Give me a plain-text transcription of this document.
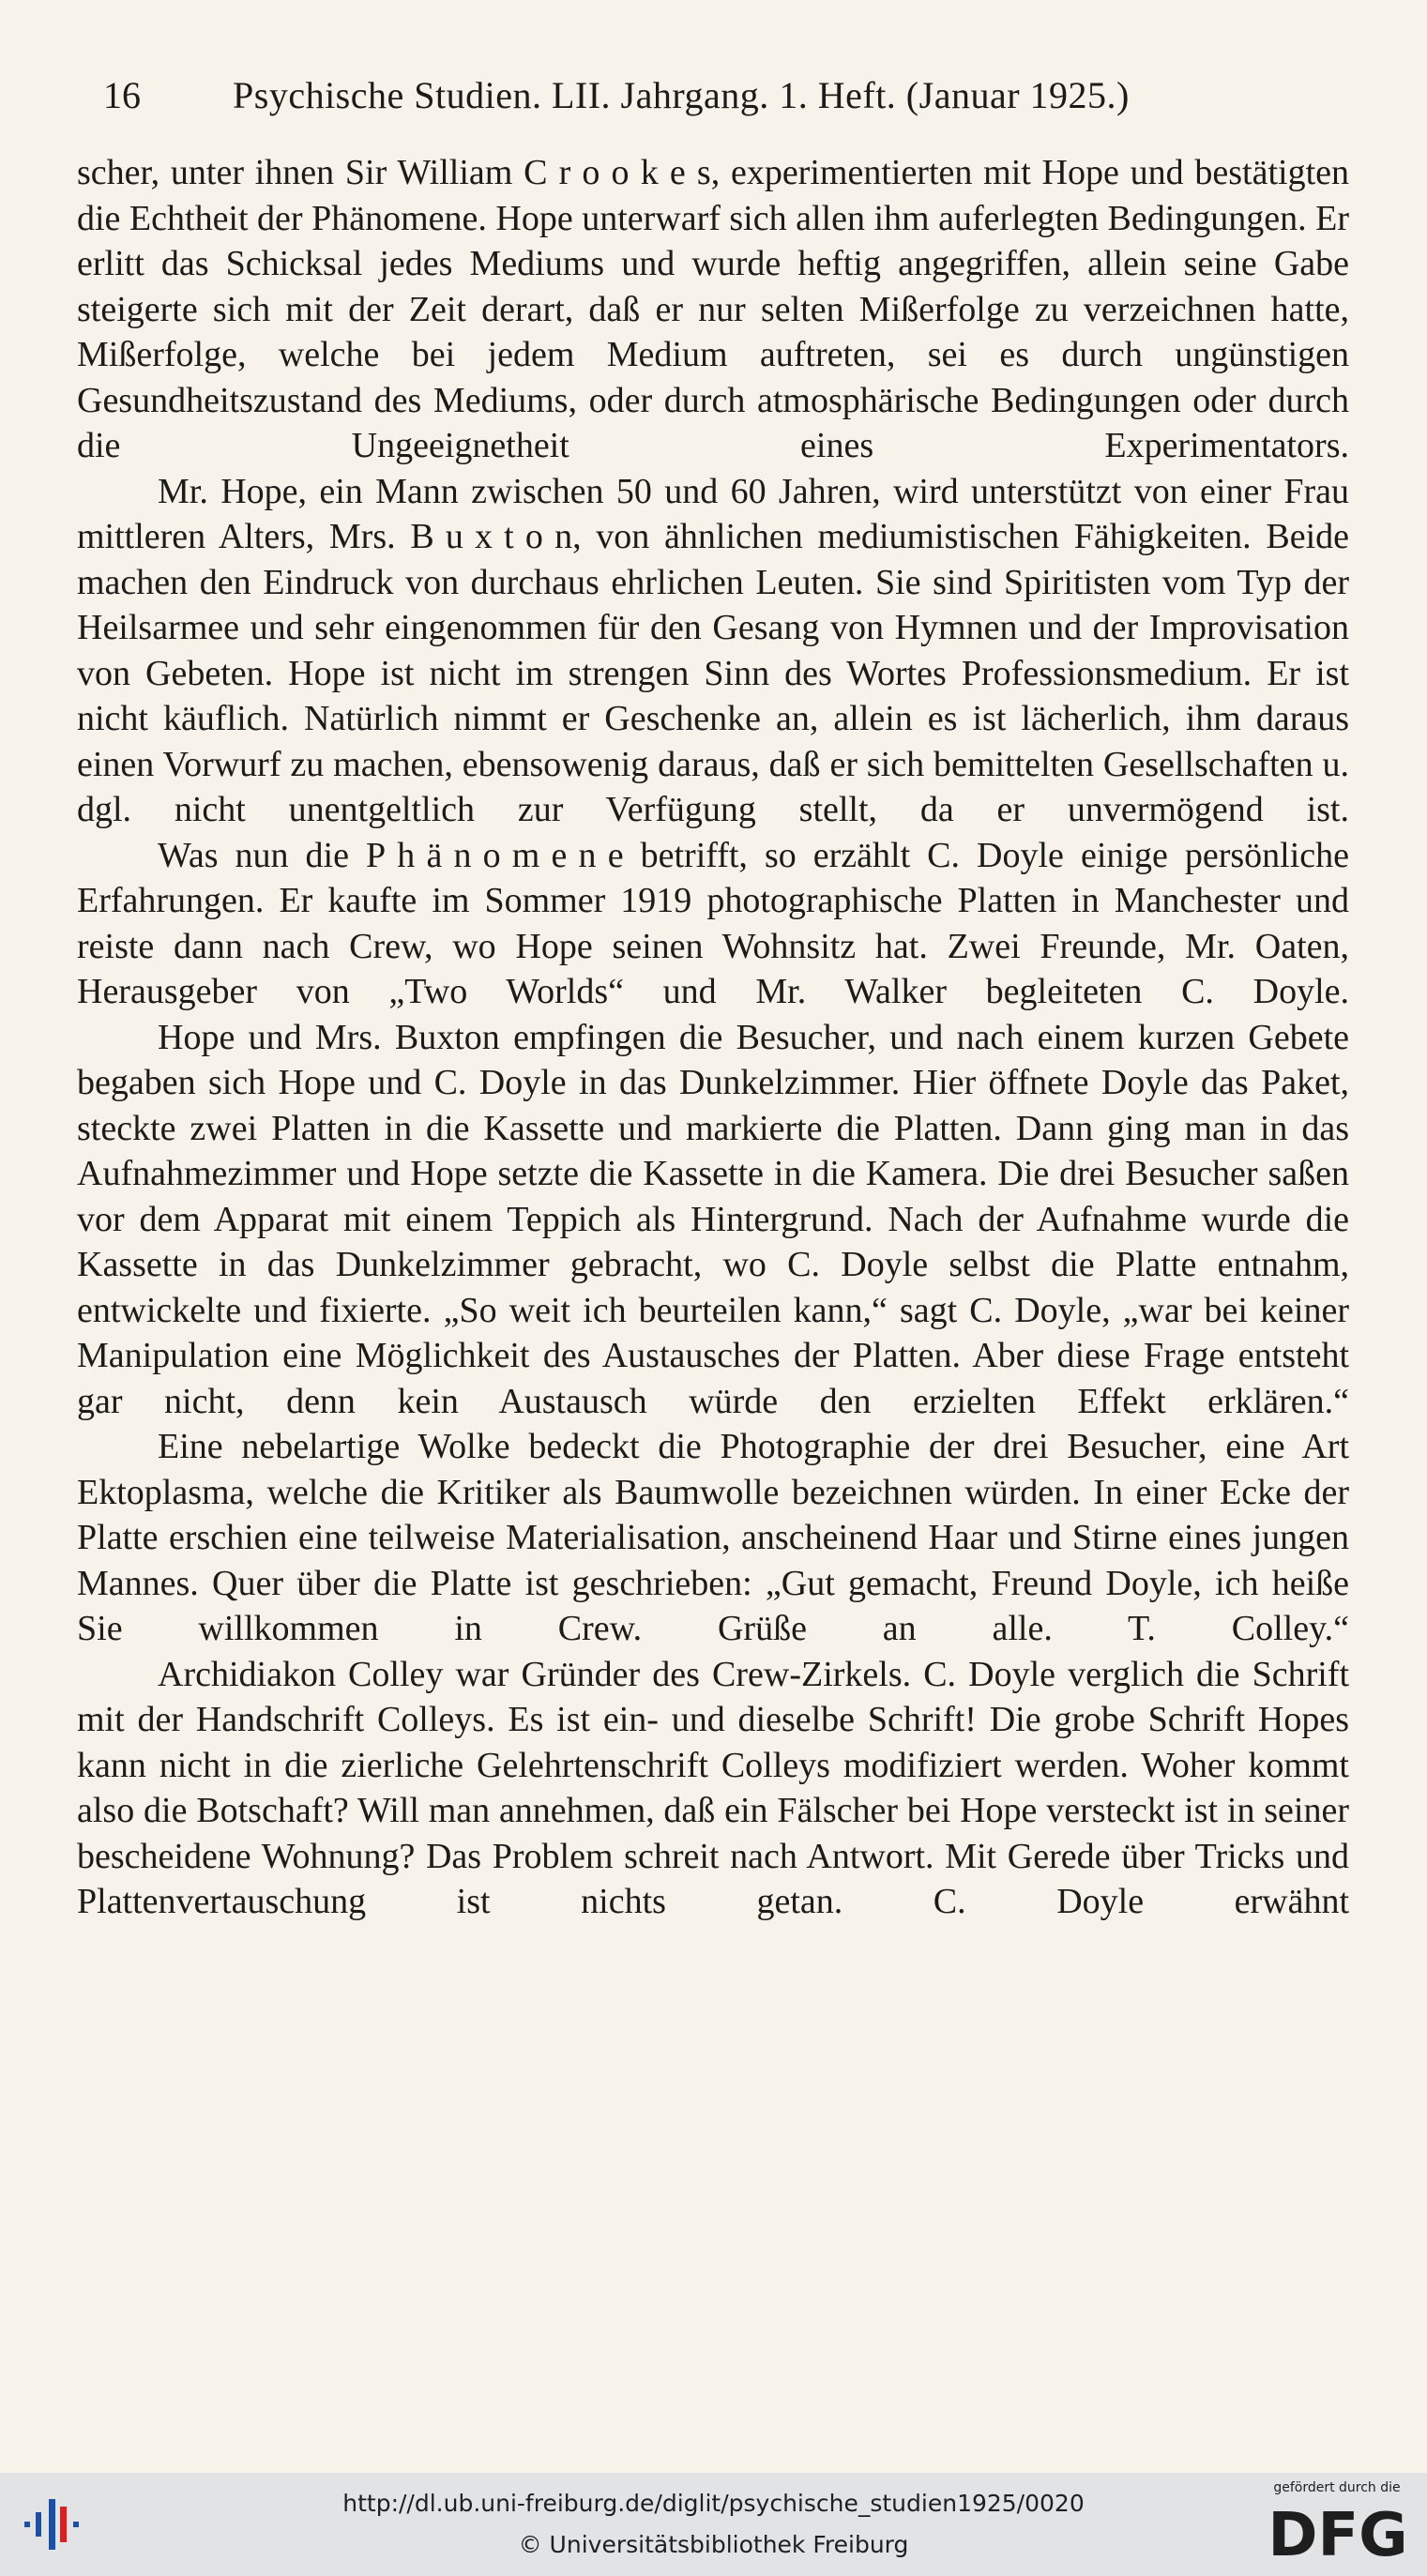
16 Psychische Studien. LII. Jahrgang. 1. Heft. (Januar 1925.)

scher, unter ihnen Sir William Crookes, experimentierten mit Hope und bestätigten die Echtheit der Phänomene. Hope unterwarf sich allen ihm auferlegten Bedingungen. Er erlitt das Schicksal jedes Mediums und wurde heftig angegriffen, allein seine Gabe steigerte sich mit der Zeit derart, daß er nur selten Mißerfolge zu verzeichnen hatte, Mißerfolge, welche bei jedem Medium auftreten, sei es durch ungünstigen Gesundheitszustand des Mediums, oder durch atmosphärische Bedingungen oder durch die Ungeeignetheit eines Experimentators.

Mr. Hope, ein Mann zwischen 50 und 60 Jahren, wird unterstützt von einer Frau mittleren Alters, Mrs. Buxton, von ähnlichen mediumistischen Fähigkeiten. Beide machen den Eindruck von durchaus ehrlichen Leuten. Sie sind Spiritisten vom Typ der Heilsarmee und sehr eingenommen für den Gesang von Hymnen und der Improvisation von Gebeten. Hope ist nicht im strengen Sinn des Wortes Professionsmedium. Er ist nicht käuflich. Natürlich nimmt er Geschenke an, allein es ist lächerlich, ihm daraus einen Vorwurf zu machen, ebensowenig daraus, daß er sich bemittelten Gesellschaften u. dgl. nicht unentgeltlich zur Verfügung stellt, da er unvermögend ist.

Was nun die Phänomene betrifft, so erzählt C. Doyle einige persönliche Erfahrungen. Er kaufte im Sommer 1919 photographische Platten in Manchester und reiste dann nach Crew, wo Hope seinen Wohnsitz hat. Zwei Freunde, Mr. Oaten, Herausgeber von „Two Worlds“ und Mr. Walker begleiteten C. Doyle.

Hope und Mrs. Buxton empfingen die Besucher, und nach einem kurzen Gebete begaben sich Hope und C. Doyle in das Dunkelzimmer. Hier öffnete Doyle das Paket, steckte zwei Platten in die Kassette und markierte die Platten. Dann ging man in das Aufnahmezimmer und Hope setzte die Kassette in die Kamera. Die drei Besucher saßen vor dem Apparat mit einem Teppich als Hintergrund. Nach der Aufnahme wurde die Kassette in das Dunkelzimmer gebracht, wo C. Doyle selbst die Platte entnahm, entwickelte und fixierte. „So weit ich beurteilen kann,“ sagt C. Doyle, „war bei keiner Manipulation eine Möglichkeit des Austausches der Platten. Aber diese Frage entsteht gar nicht, denn kein Austausch würde den erzielten Effekt erklären.“

Eine nebelartige Wolke bedeckt die Photographie der drei Besucher, eine Art Ektoplasma, welche die Kritiker als Baumwolle bezeichnen würden. In einer Ecke der Platte erschien eine teilweise Materialisation, anscheinend Haar und Stirne eines jungen Mannes. Quer über die Platte ist geschrieben: „Gut gemacht, Freund Doyle, ich heiße Sie willkommen in Crew. Grüße an alle. T. Colley.“

Archidiakon Colley war Gründer des Crew-Zirkels. C. Doyle verglich die Schrift mit der Handschrift Colleys. Es ist ein- und dieselbe Schrift! Die grobe Schrift Hopes kann nicht in die zierliche Gelehrtenschrift Colleys modifiziert werden. Woher kommt also die Botschaft? Will man annehmen, daß ein Fälscher bei Hope versteckt ist in seiner bescheidene Wohnung? Das Problem schreit nach Antwort. Mit Gerede über Tricks und Plattenvertauschung ist nichts getan. C. Doyle erwähnt

http://dl.ub.uni-freiburg.de/diglit/psychische_studien1925/0020
© Universitätsbibliothek Freiburg
gefördert durch die
DFG
